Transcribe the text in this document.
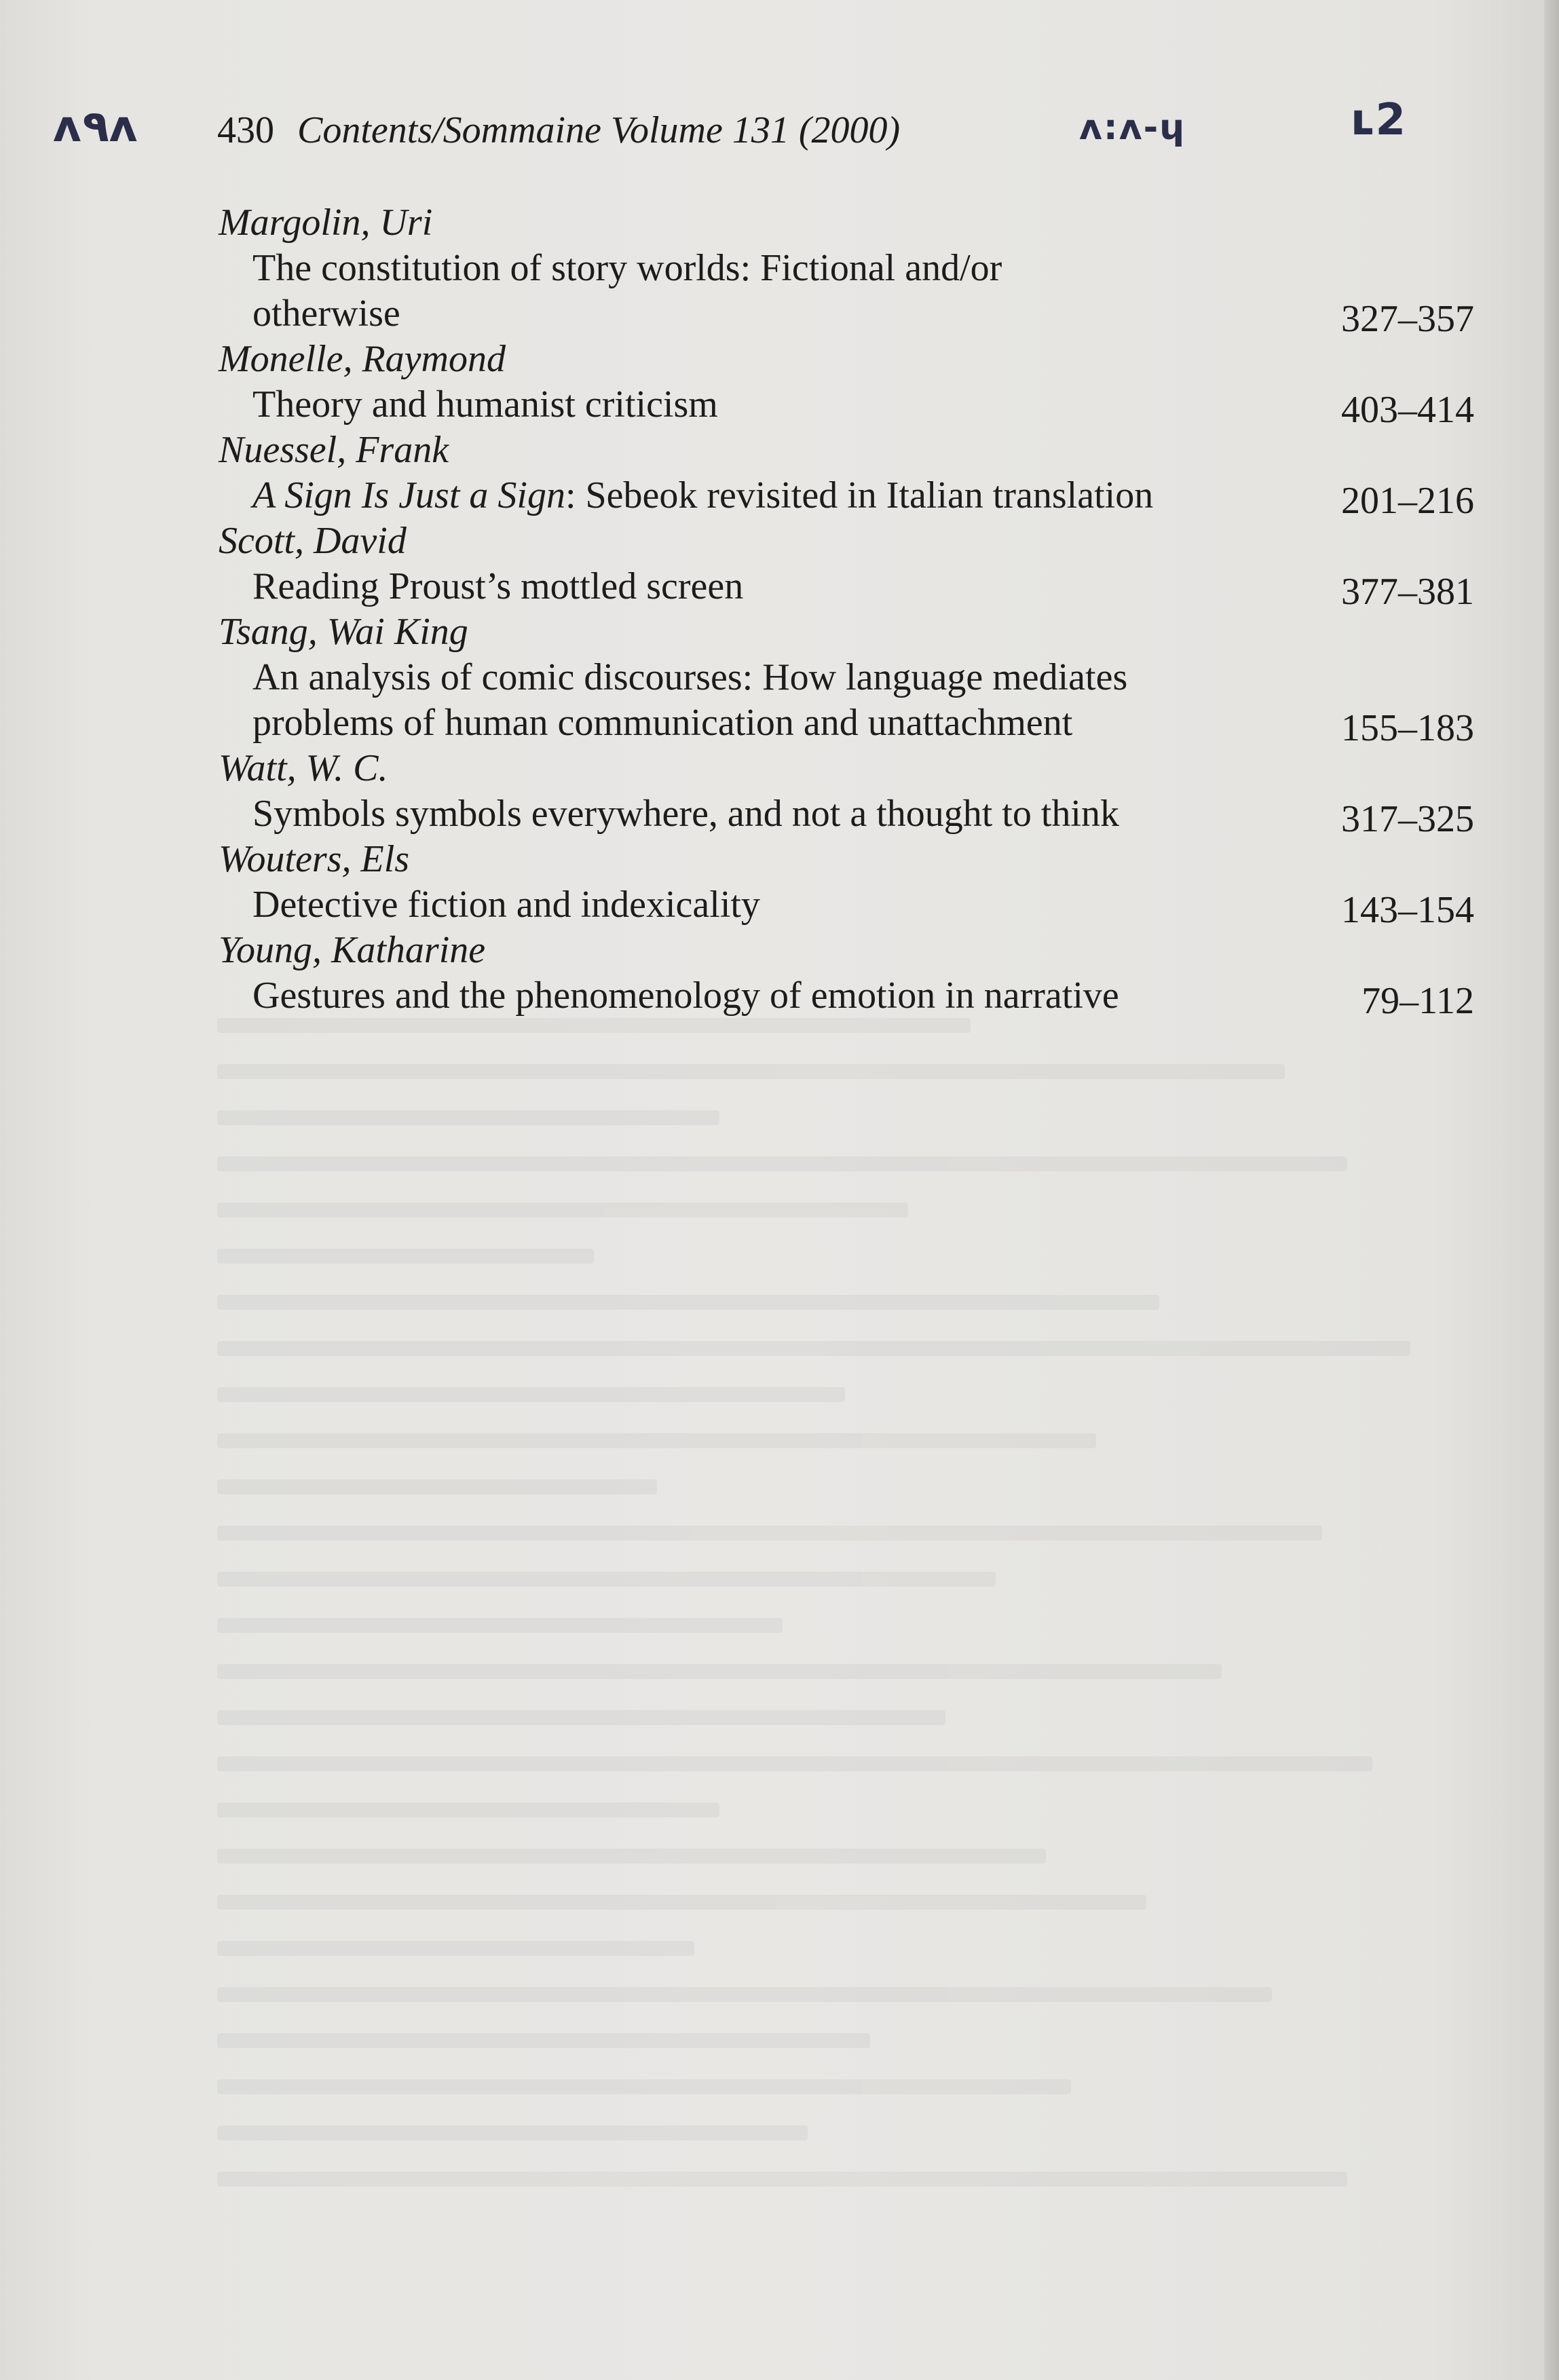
ʌ۹ʌ	ʌ:ʌ-ɥ	ʟ2
430 Contents/Sommaine Volume 131 (2000)
Margolin, Uri
The constitution of story worlds: Fictional and/or
otherwise	327–357
Monelle, Raymond
Theory and humanist criticism	403–414
Nuessel, Frank
A Sign Is Just a Sign: Sebeok revisited in Italian translation	201–216
Scott, David
Reading Proust’s mottled screen	377–381
Tsang, Wai King
An analysis of comic discourses: How language mediates
problems of human communication and unattachment	155–183
Watt, W. C.
Symbols symbols everywhere, and not a thought to think	317–325
Wouters, Els
Detective fiction and indexicality	143–154
Young, Katharine
Gestures and the phenomenology of emotion in narrative	79–112
